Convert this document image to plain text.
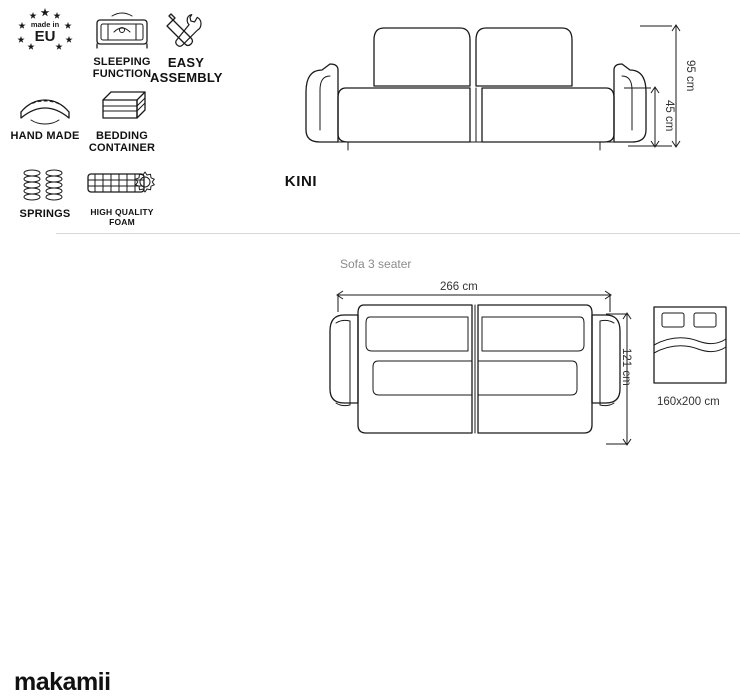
made in
EU
SLEEPING FUNCTION
EASY ASSEMBLY
HAND MADE	BEDDING CONTAINER
SPRINGS	HIGH QUALITY FOAM
KINI
Sofa 3 seater
266 cm
121 cm
95 cm
45 cm
160x200 cm
makamii
